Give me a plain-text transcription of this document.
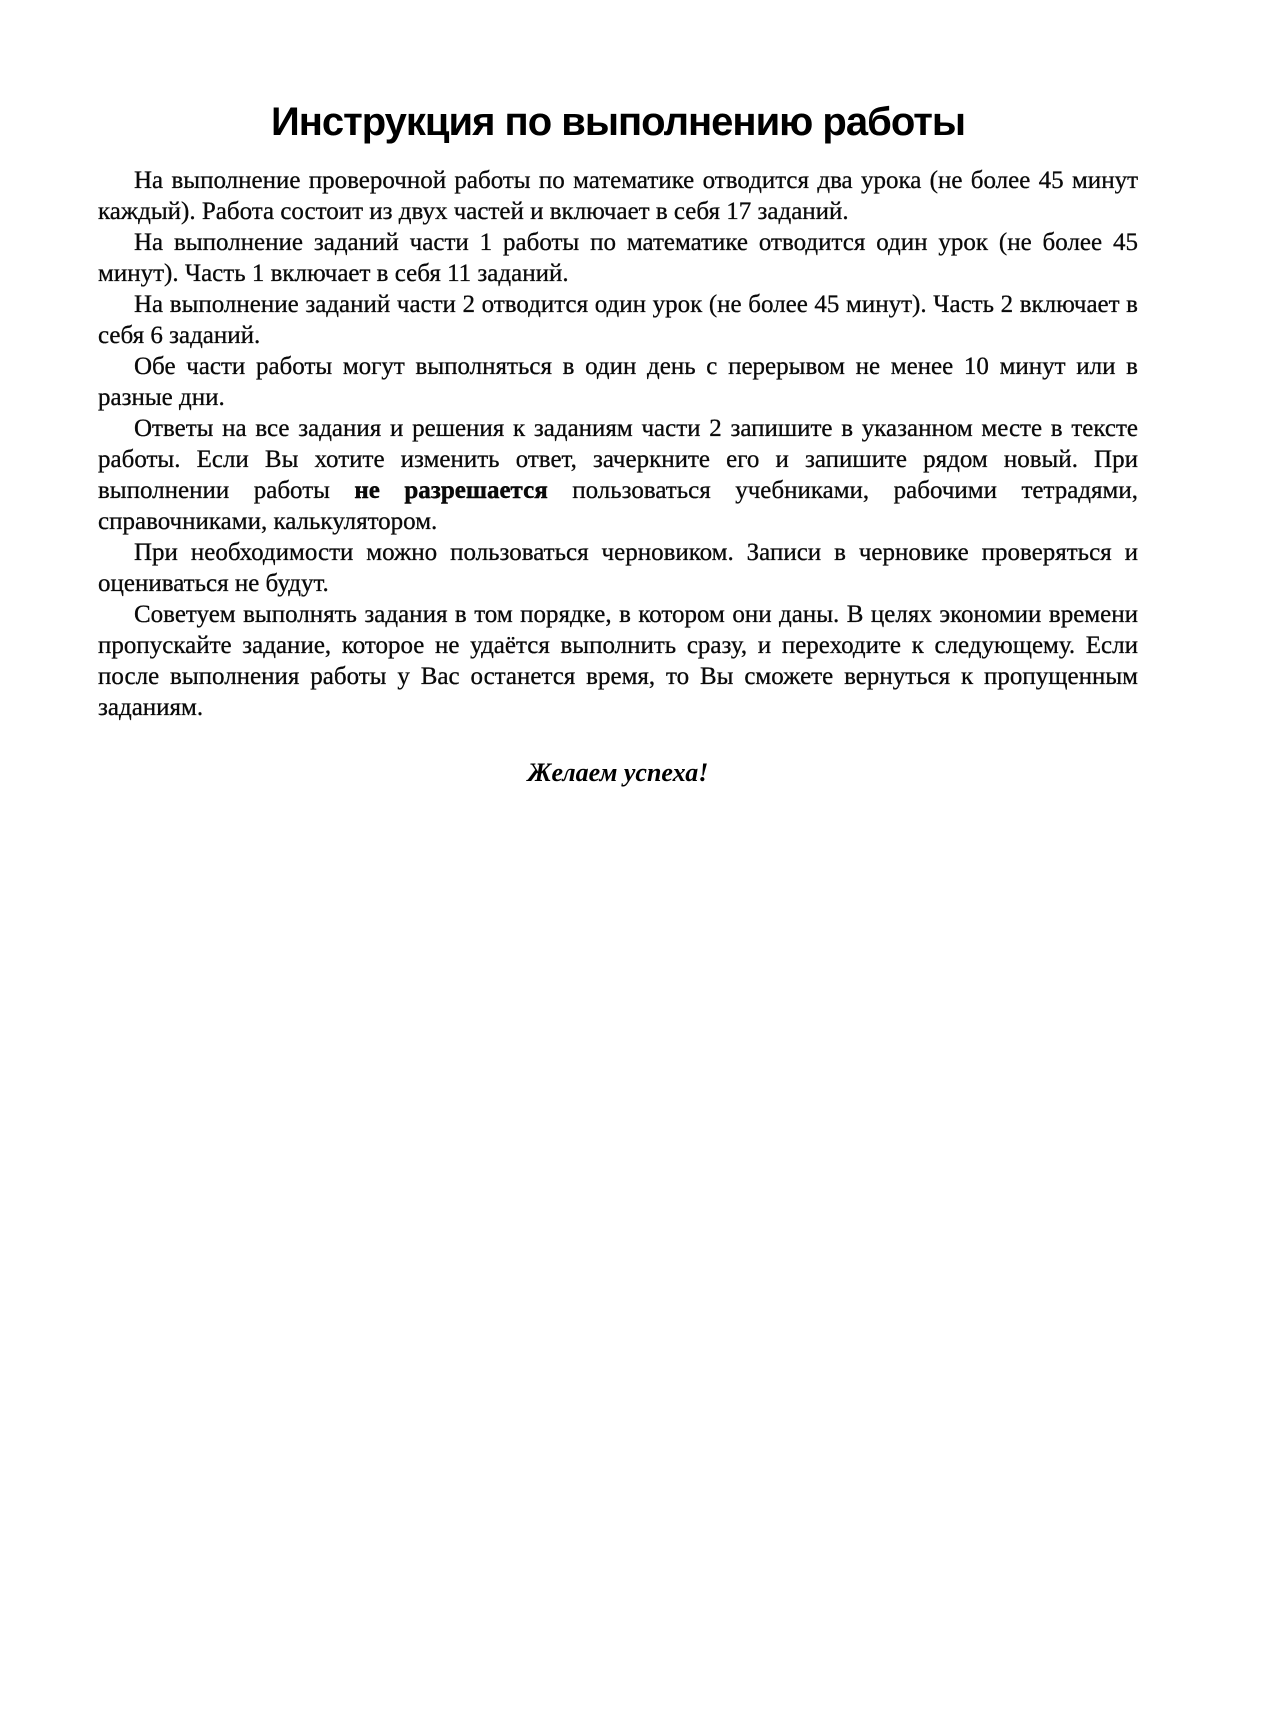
Инструкция по выполнению работы

На выполнение проверочной работы по математике отводится два урока (не более 45 минут каждый). Работа состоит из двух частей и включает в себя 17 заданий.

На выполнение заданий части 1 работы по математике отводится один урок (не более 45 минут). Часть 1 включает в себя 11 заданий.

На выполнение заданий части 2 отводится один урок (не более 45 минут). Часть 2 включает в себя 6 заданий.

Обе части работы могут выполняться в один день с перерывом не менее 10 минут или в разные дни.

Ответы на все задания и решения к заданиям части 2 запишите в указанном месте в тексте работы. Если Вы хотите изменить ответ, зачеркните его и запишите рядом новый. При выполнении работы не разрешается пользоваться учебниками, рабочими тетрадями, справочниками, калькулятором.

При необходимости можно пользоваться черновиком. Записи в черновике проверяться и оцениваться не будут.

Советуем выполнять задания в том порядке, в котором они даны. В целях экономии времени пропускайте задание, которое не удаётся выполнить сразу, и переходите к следующему. Если после выполнения работы у Вас останется время, то Вы сможете вернуться к пропущенным заданиям.

Желаем успеха!
